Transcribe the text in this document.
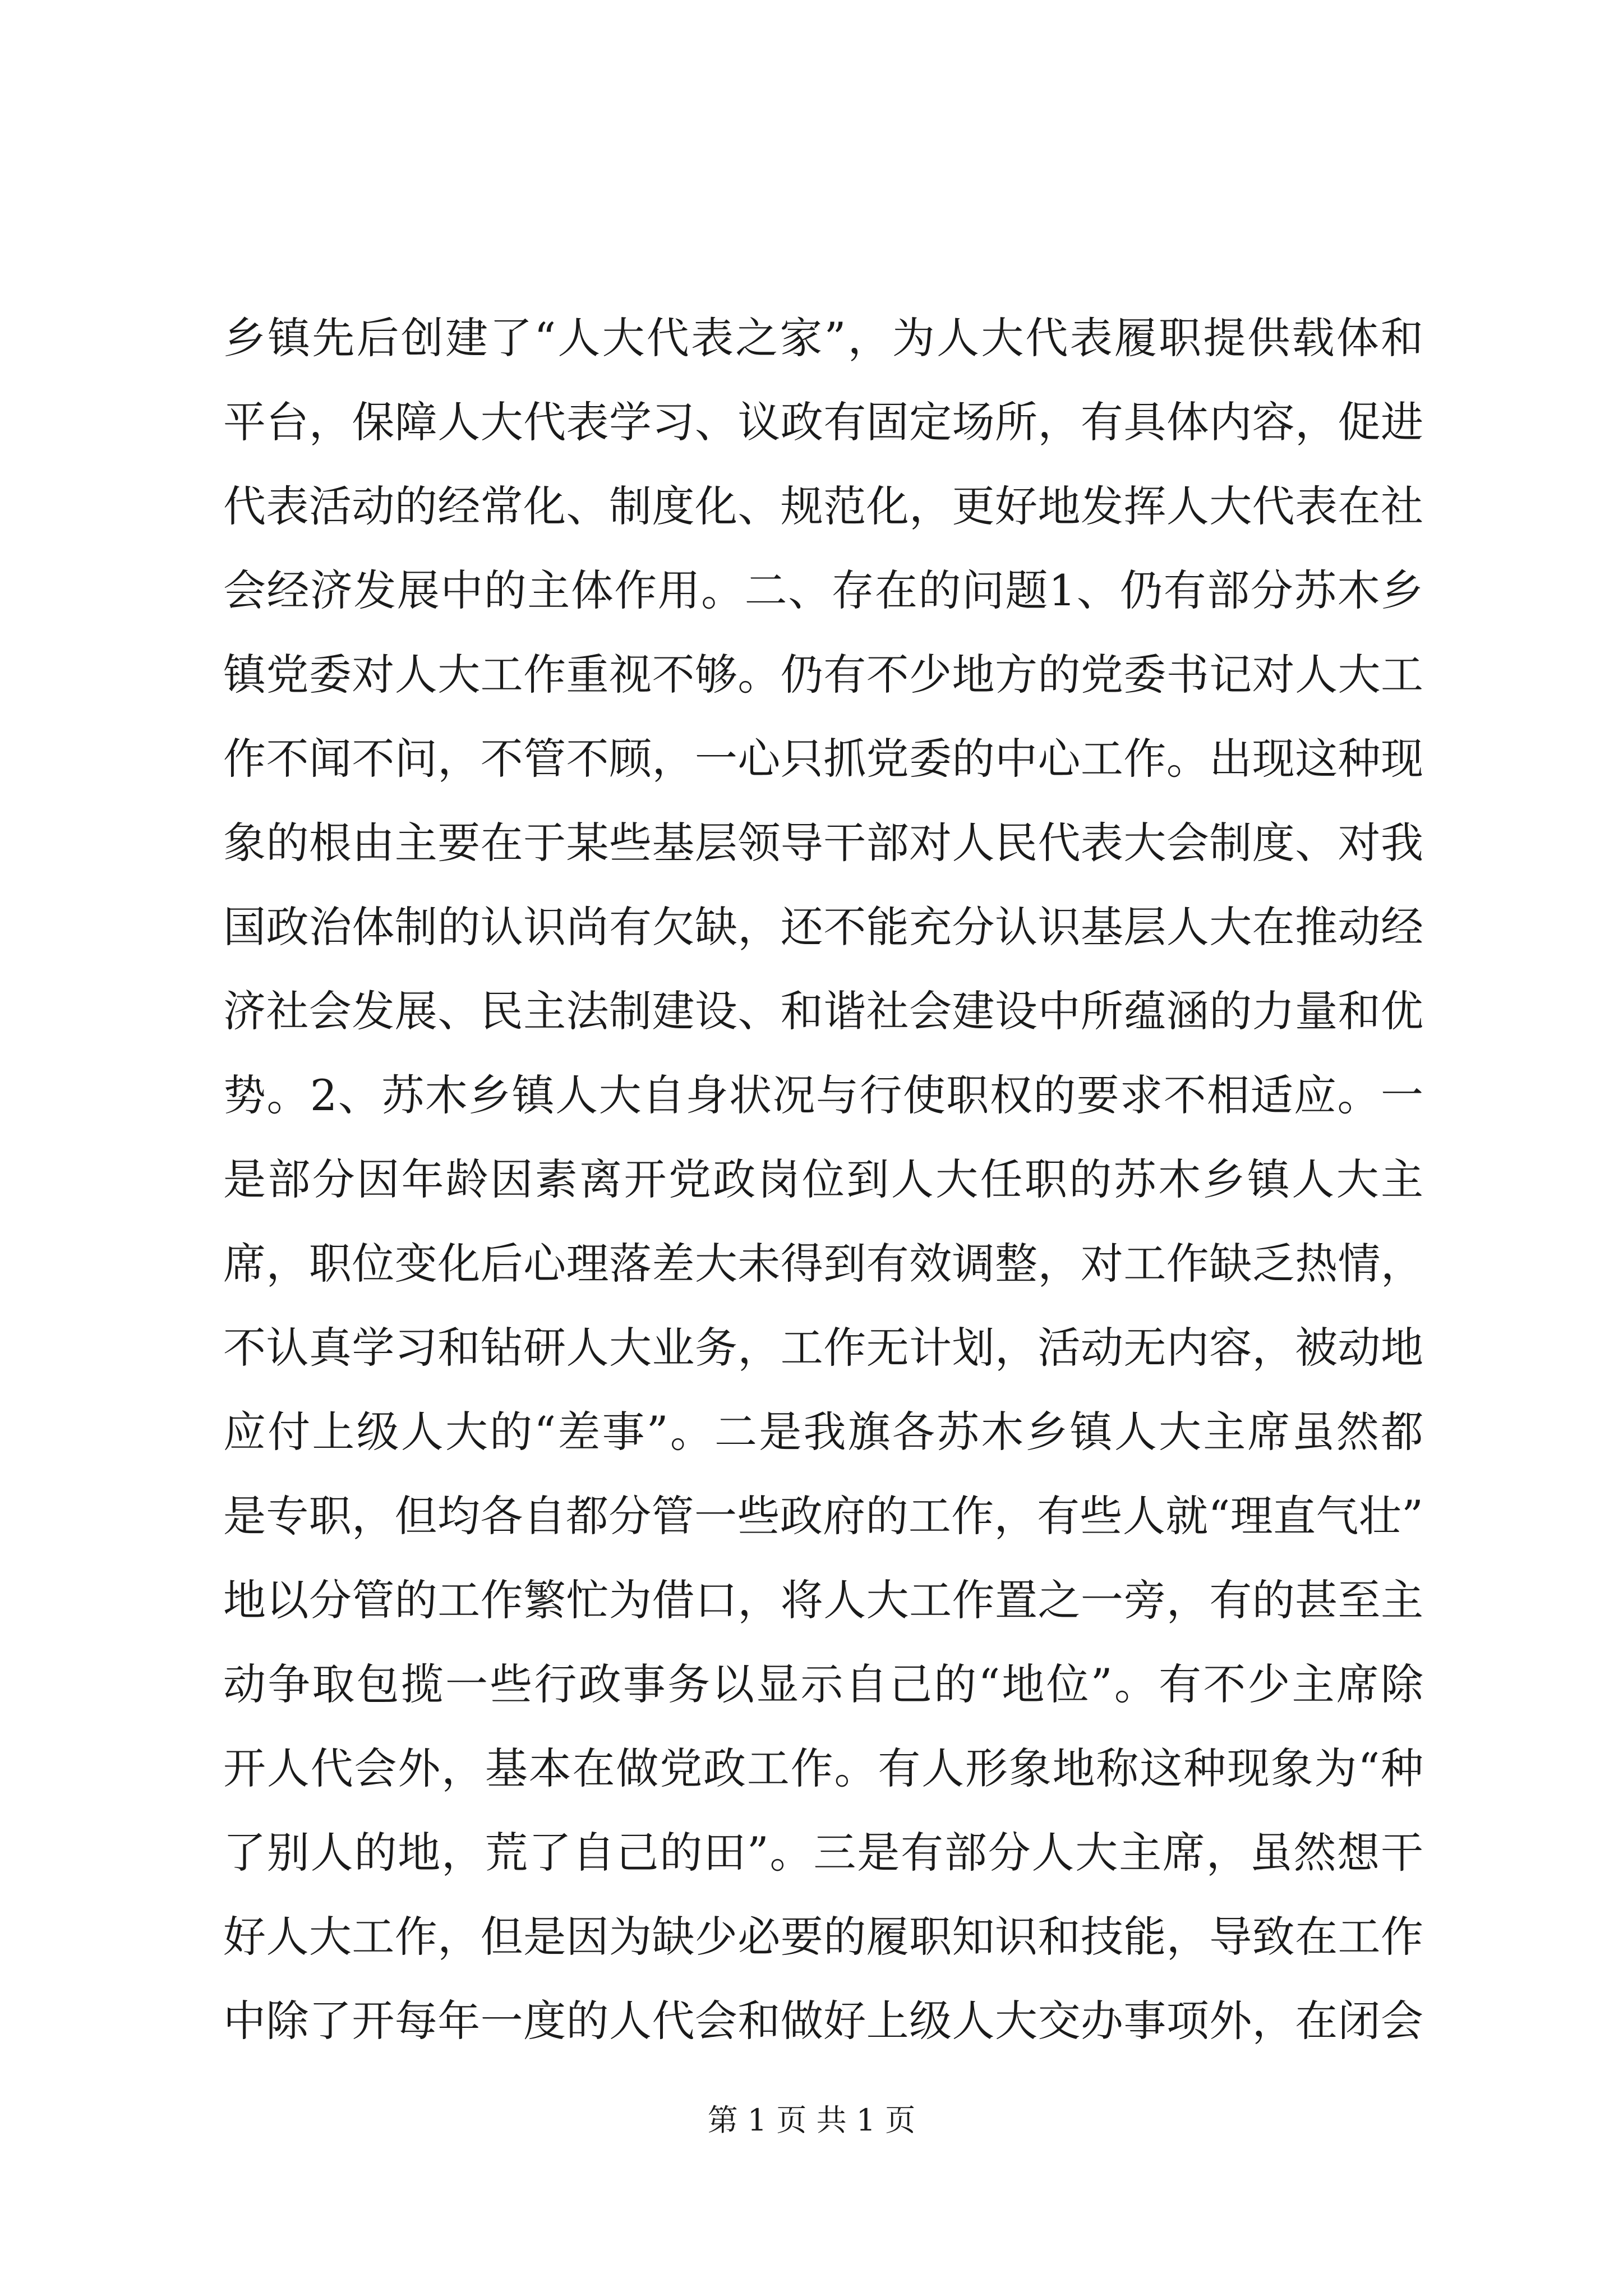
乡镇先后创建了“人大代表之家”，为人大代表履职提供载体和
平台，保障人大代表学习、议政有固定场所，有具体内容，促进
代表活动的经常化、制度化、规范化，更好地发挥人大代表在社
会经济发展中的主体作用。二、存在的问题1、仍有部分苏木乡
镇党委对人大工作重视不够。仍有不少地方的党委书记对人大工
作不闻不问，不管不顾，一心只抓党委的中心工作。出现这种现
象的根由主要在于某些基层领导干部对人民代表大会制度、对我
国政治体制的认识尚有欠缺，还不能充分认识基层人大在推动经
济社会发展、民主法制建设、和谐社会建设中所蕴涵的力量和优
势。2、苏木乡镇人大自身状况与行使职权的要求不相适应。一
是部分因年龄因素离开党政岗位到人大任职的苏木乡镇人大主
席，职位变化后心理落差大未得到有效调整，对工作缺乏热情，
不认真学习和钻研人大业务，工作无计划，活动无内容，被动地
应付上级人大的“差事”。二是我旗各苏木乡镇人大主席虽然都
是专职，但均各自都分管一些政府的工作，有些人就“理直气壮”
地以分管的工作繁忙为借口，将人大工作置之一旁，有的甚至主
动争取包揽一些行政事务以显示自己的“地位”。有不少主席除
开人代会外，基本在做党政工作。有人形象地称这种现象为“种
了别人的地，荒了自己的田”。三是有部分人大主席，虽然想干
好人大工作，但是因为缺少必要的履职知识和技能，导致在工作
中除了开每年一度的人代会和做好上级人大交办事项外，在闭会
第 1 页 共 1 页
